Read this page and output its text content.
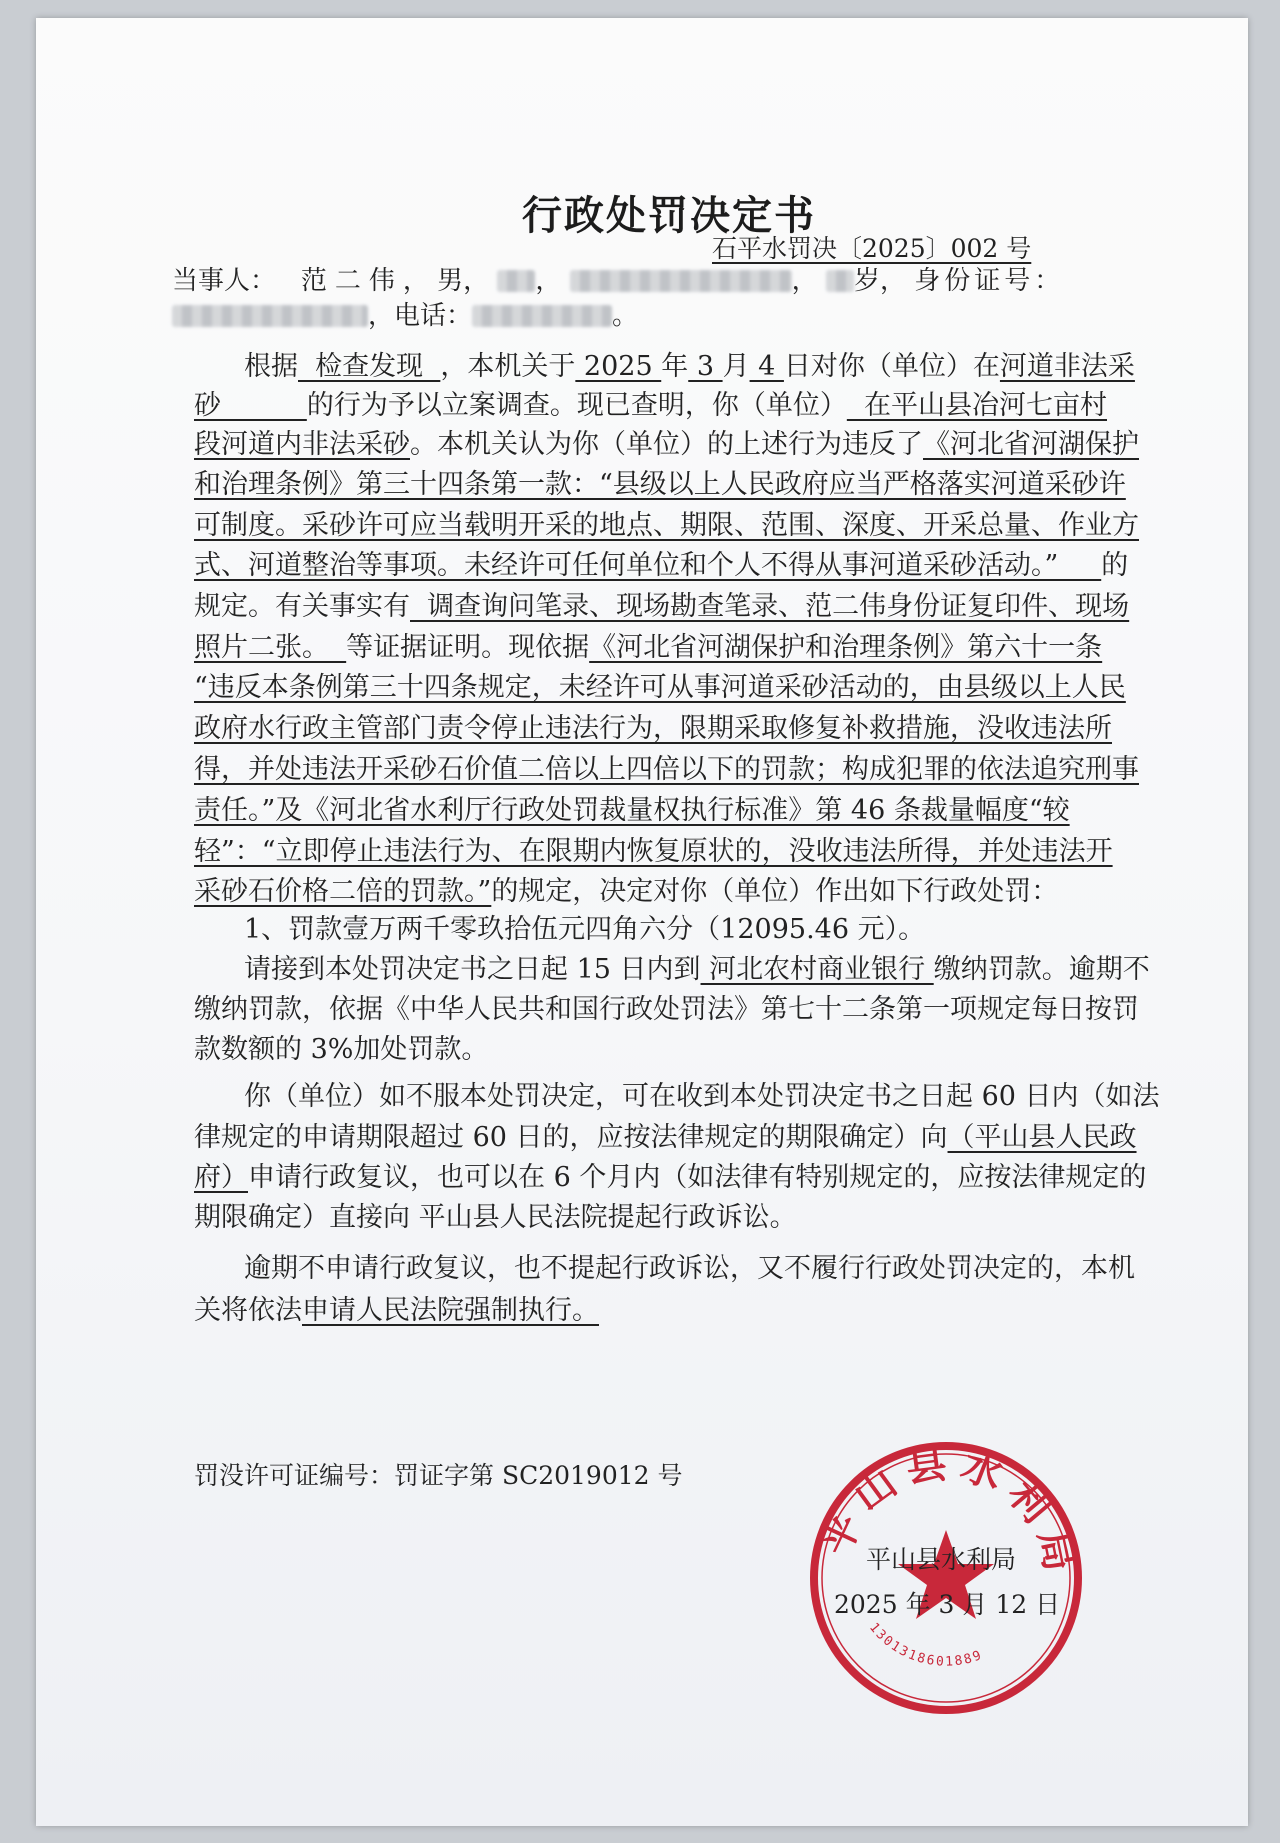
行政处罚决定书
石平水罚决〔2025〕002 号
当事人： 范二伟， 男， ，	， 岁， 身份证号：
，电话：	。
根据  检查发现  ，本机关于 2025 年 3 月 4 日对你（单位）在河道非法采
砂          的行为予以立案调查。现已查明，你（单位）  在平山县冶河七亩村
段河道内非法采砂。本机关认为你（单位）的上述行为违反了《河北省河湖保护
和治理条例》第三十四条第一款：“县级以上人民政府应当严格落实河道采砂许
可制度。采砂许可应当载明开采的地点、期限、范围、深度、开采总量、作业方
式、河道整治等事项。未经许可任何单位和个人不得从事河道采砂活动。”     的
规定。有关事实有  调查询问笔录、现场勘查笔录、范二伟身份证复印件、现场
照片二张。  等证据证明。现依据《河北省河湖保护和治理条例》第六十一条
“违反本条例第三十四条规定，未经许可从事河道采砂活动的，由县级以上人民
政府水行政主管部门责令停止违法行为，限期采取修复补救措施，没收违法所
得，并处违法开采砂石价值二倍以上四倍以下的罚款；构成犯罪的依法追究刑事
责任。”及《河北省水利厅行政处罚裁量权执行标准》第 46 条裁量幅度“较
轻”：“立即停止违法行为、在限期内恢复原状的，没收违法所得，并处违法开
采砂石价格二倍的罚款。”的规定，决定对你（单位）作出如下行政处罚：
1、罚款壹万两千零玖拾伍元四角六分（12095.46 元）。
请接到本处罚决定书之日起 15 日内到 河北农村商业银行 缴纳罚款。逾期不
缴纳罚款，依据《中华人民共和国行政处罚法》第七十二条第一项规定每日按罚
款数额的 3%加处罚款。
你（单位）如不服本处罚决定，可在收到本处罚决定书之日起 60 日内（如法
律规定的申请期限超过 60 日的，应按法律规定的期限确定）向（平山县人民政
府）申请行政复议，也可以在 6 个月内（如法律有特别规定的，应按法律规定的
期限确定）直接向 平山县人民法院提起行政诉讼。
逾期不申请行政复议，也不提起行政诉讼，又不履行行政处罚决定的，本机
关将依法申请人民法院强制执行。
罚没许可证编号：罚证字第 SC2019012 号
平山县水利局
1301318601889
平山县水利局
2025 年 3 月 12 日
